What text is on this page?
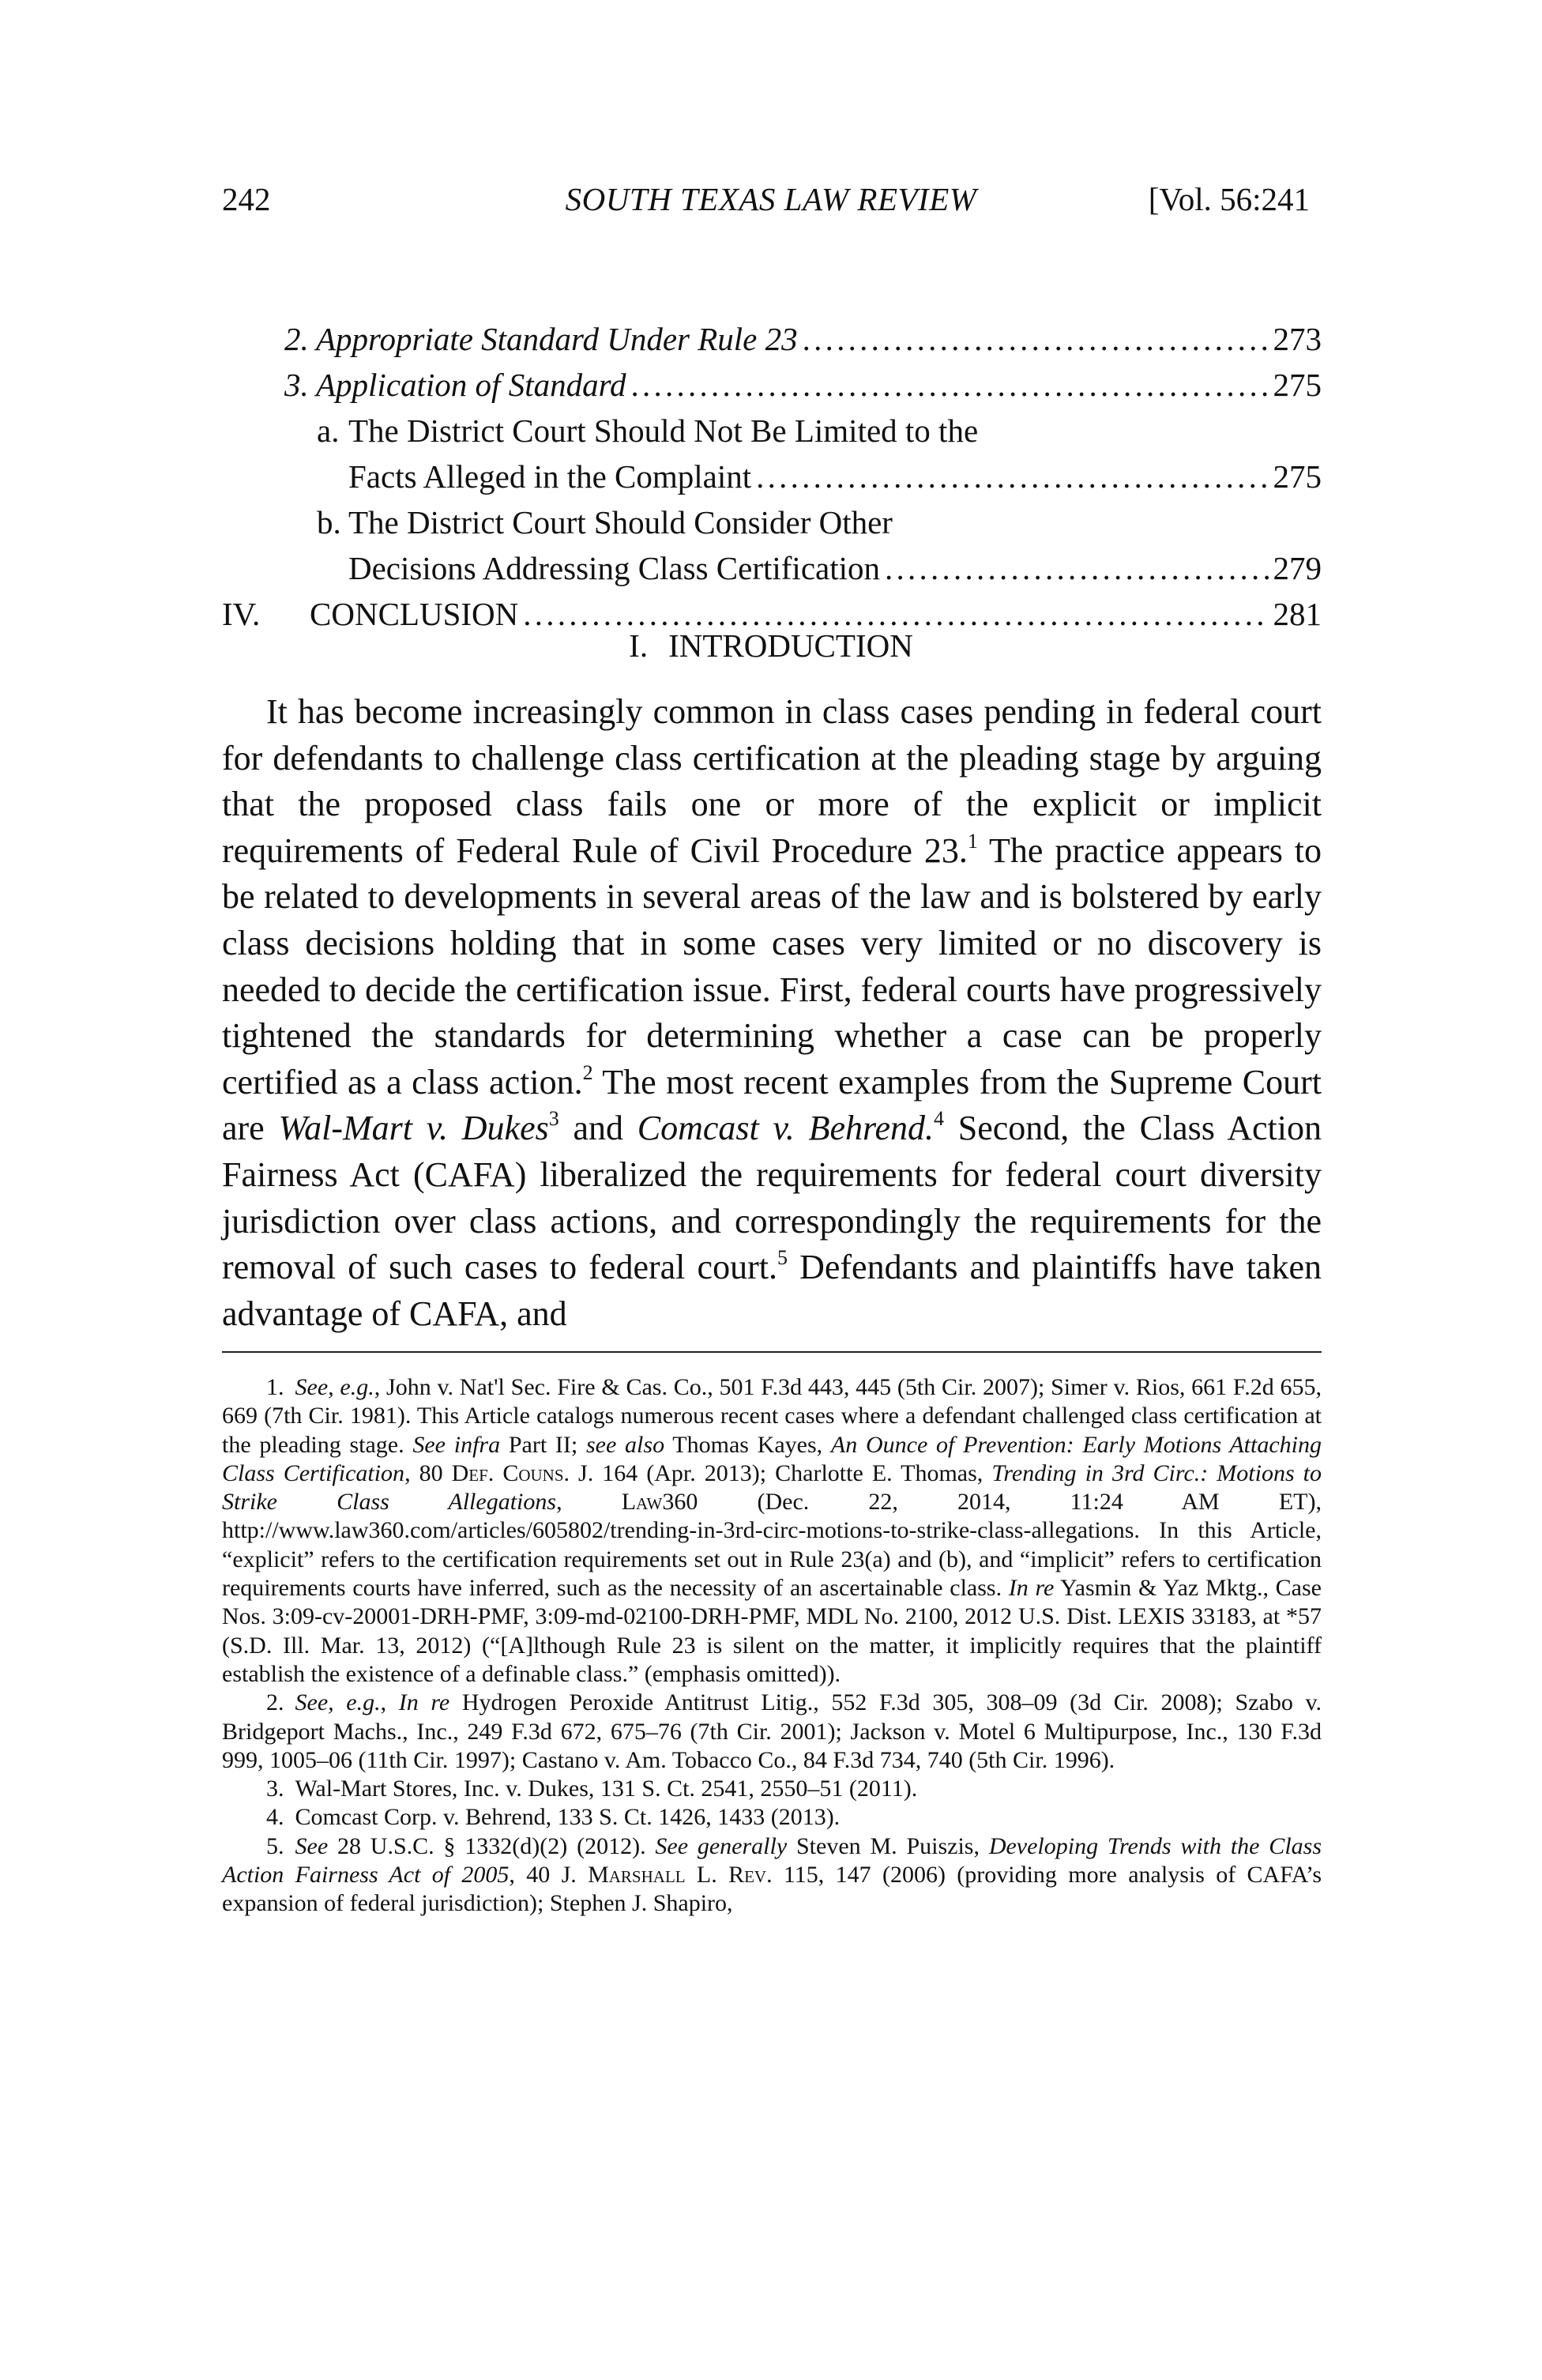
242	SOUTH TEXAS LAW REVIEW	[Vol. 56:241
2. Appropriate Standard Under Rule 23 . . .	273
3. Application of Standard . . .	275
a. The District Court Should Not Be Limited to the
Facts Alleged in the Complaint . . .	275
b. The District Court Should Consider Other
Decisions Addressing Class Certification . . .	279
IV.	CONCLUSION . . .	281
I. INTRODUCTION

It has become increasingly common in class cases pending in federal court for defendants to challenge class certification at the pleading stage by arguing that the proposed class fails one or more of the explicit or implicit requirements of Federal Rule of Civil Procedure 23.$^1$ The practice appears to be related to developments in several areas of the law and is bolstered by early class decisions holding that in some cases very limited or no discovery is needed to decide the certification issue. First, federal courts have progressively tightened the standards for determining whether a case can be properly certified as a class action.$^2$ The most recent examples from the Supreme Court are Wal-Mart v. Dukes$^3$ and Comcast v. Behrend.$^4$ Second, the Class Action Fairness Act (CAFA) liberalized the requirements for federal court diversity jurisdiction over class actions, and correspondingly the requirements for the removal of such cases to federal court.$^5$ Defendants and plaintiffs have taken advantage of CAFA, and

1. See, e.g., John v. Nat'l Sec. Fire & Cas. Co., 501 F.3d 443, 445 (5th Cir. 2007); Simer v. Rios, 661 F.2d 655, 669 (7th Cir. 1981). This Article catalogs numerous recent cases where a defendant challenged class certification at the pleading stage. See infra Part II; see also Thomas Kayes, An Ounce of Prevention: Early Motions Attaching Class Certification, 80 Def. Couns. J. 164 (Apr. 2013); Charlotte E. Thomas, Trending in 3rd Circ.: Motions to Strike Class Allegations, Law360 (Dec. 22, 2014, 11:24 AM ET), http://www.law360.com/articles/605802/trending-in-3rd-circ-motions-to-strike-class-allegations. In this Article, “explicit” refers to the certification requirements set out in Rule 23(a) and (b), and “implicit” refers to certification requirements courts have inferred, such as the necessity of an ascertainable class. In re Yasmin & Yaz Mktg., Case Nos. 3:09-cv-20001-DRH-PMF, 3:09-md-02100-DRH-PMF, MDL No. 2100, 2012 U.S. Dist. LEXIS 33183, at *57 (S.D. Ill. Mar. 13, 2012) (“[A]lthough Rule 23 is silent on the matter, it implicitly requires that the plaintiff establish the existence of a definable class.” (emphasis omitted)).

2. See, e.g., In re Hydrogen Peroxide Antitrust Litig., 552 F.3d 305, 308–09 (3d Cir. 2008); Szabo v. Bridgeport Machs., Inc., 249 F.3d 672, 675–76 (7th Cir. 2001); Jackson v. Motel 6 Multipurpose, Inc., 130 F.3d 999, 1005–06 (11th Cir. 1997); Castano v. Am. Tobacco Co., 84 F.3d 734, 740 (5th Cir. 1996).

3. Wal-Mart Stores, Inc. v. Dukes, 131 S. Ct. 2541, 2550–51 (2011).

4. Comcast Corp. v. Behrend, 133 S. Ct. 1426, 1433 (2013).

5. See 28 U.S.C. § 1332(d)(2) (2012). See generally Steven M. Puiszis, Developing Trends with the Class Action Fairness Act of 2005, 40 J. Marshall L. Rev. 115, 147 (2006) (providing more analysis of CAFA’s expansion of federal jurisdiction); Stephen J. Shapiro,
